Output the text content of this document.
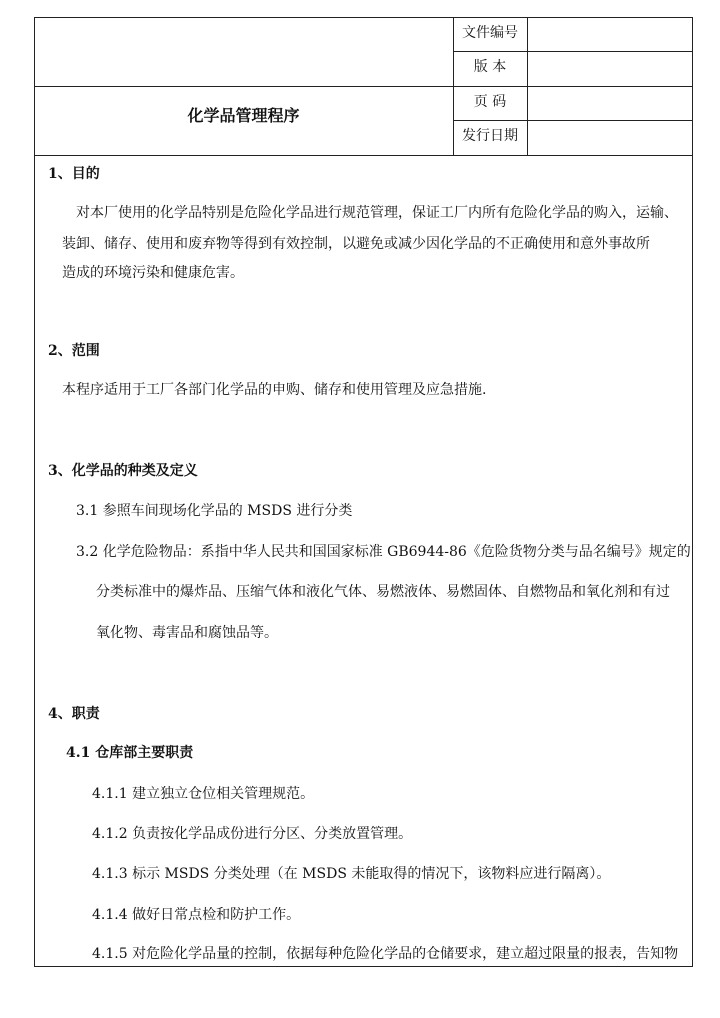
文件编号
版 本
页 码
发行日期
化学品管理程序
1、目的
对本厂使用的化学品特别是危险化学品进行规范管理，保证工厂内所有危险化学品的购入，运输、
装卸、储存、使用和废弃物等得到有效控制，以避免或减少因化学品的不正确使用和意外事故所
造成的环境污染和健康危害。
2、范围
本程序适用于工厂各部门化学品的申购、储存和使用管理及应急措施.
3、化学品的种类及定义
3.1 参照车间现场化学品的 MSDS 进行分类
3.2 化学危险物品：系指中华人民共和国国家标准 GB6944-86《危险货物分类与品名编号》规定的
分类标准中的爆炸品、压缩气体和液化气体、易燃液体、易燃固体、自燃物品和氧化剂和有过
氧化物、毒害品和腐蚀品等。
4、职责
4.1 仓库部主要职责
4.1.1 建立独立仓位相关管理规范。
4.1.2 负责按化学品成份进行分区、分类放置管理。
4.1.3 标示 MSDS 分类处理（在 MSDS 未能取得的情况下，该物料应进行隔离）。
4.1.4 做好日常点检和防护工作。
4.1.5 对危险化学品量的控制，依据每种危险化学品的仓储要求，建立超过限量的报表，告知物
